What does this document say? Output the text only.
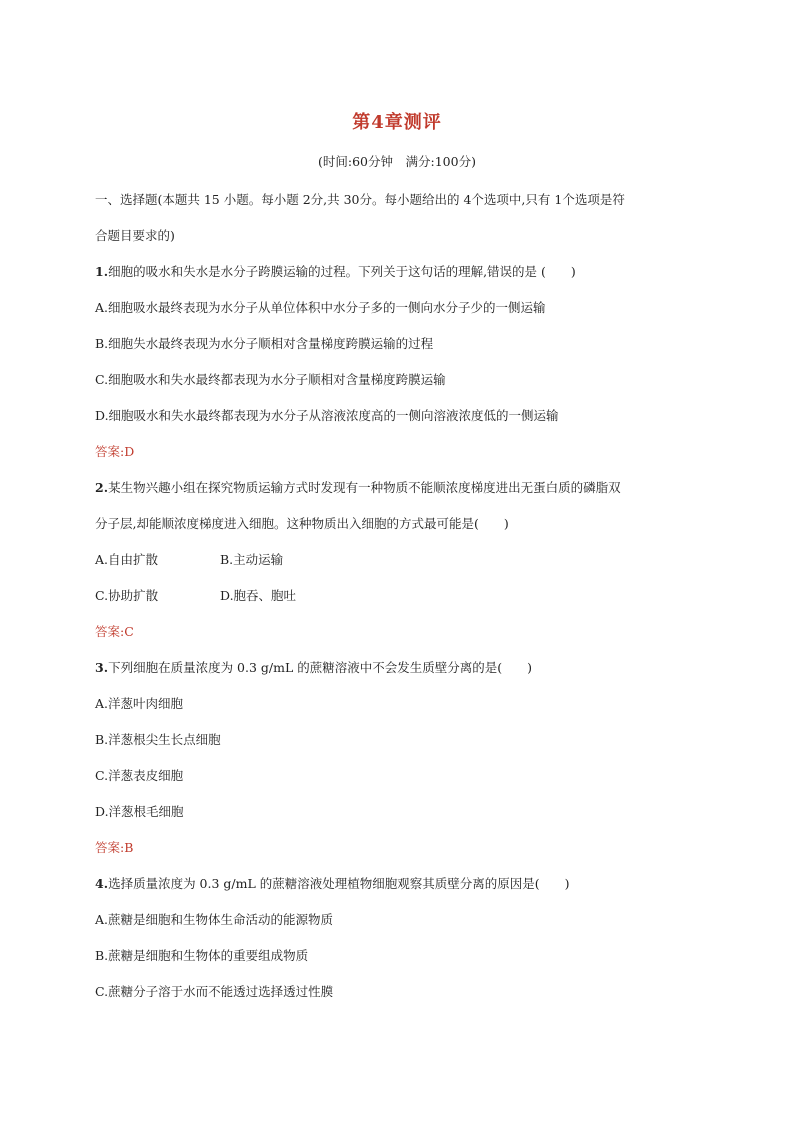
第4章测评
(时间:60分钟　满分:100分)
一、选择题(本题共 15 小题。每小题 2分,共 30分。每小题给出的 4个选项中,只有 1个选项是符
合题目要求的)
1.细胞的吸水和失水是水分子跨膜运输的过程。下列关于这句话的理解,错误的是 (　　)
A.细胞吸水最终表现为水分子从单位体积中水分子多的一侧向水分子少的一侧运输
B.细胞失水最终表现为水分子顺相对含量梯度跨膜运输的过程
C.细胞吸水和失水最终都表现为水分子顺相对含量梯度跨膜运输
D.细胞吸水和失水最终都表现为水分子从溶液浓度高的一侧向溶液浓度低的一侧运输
答案:D
2.某生物兴趣小组在探究物质运输方式时发现有一种物质不能顺浓度梯度进出无蛋白质的磷脂双
分子层,却能顺浓度梯度进入细胞。这种物质出入细胞的方式最可能是(　　)
A.自由扩散	B.主动运输
C.协助扩散	D.胞吞、胞吐
答案:C
3.下列细胞在质量浓度为 0.3 g/mL 的蔗糖溶液中不会发生质壁分离的是(　　)
A.洋葱叶肉细胞
B.洋葱根尖生长点细胞
C.洋葱表皮细胞
D.洋葱根毛细胞
答案:B
4.选择质量浓度为 0.3 g/mL 的蔗糖溶液处理植物细胞观察其质壁分离的原因是(　　)
A.蔗糖是细胞和生物体生命活动的能源物质
B.蔗糖是细胞和生物体的重要组成物质
C.蔗糖分子溶于水而不能透过选择透过性膜
